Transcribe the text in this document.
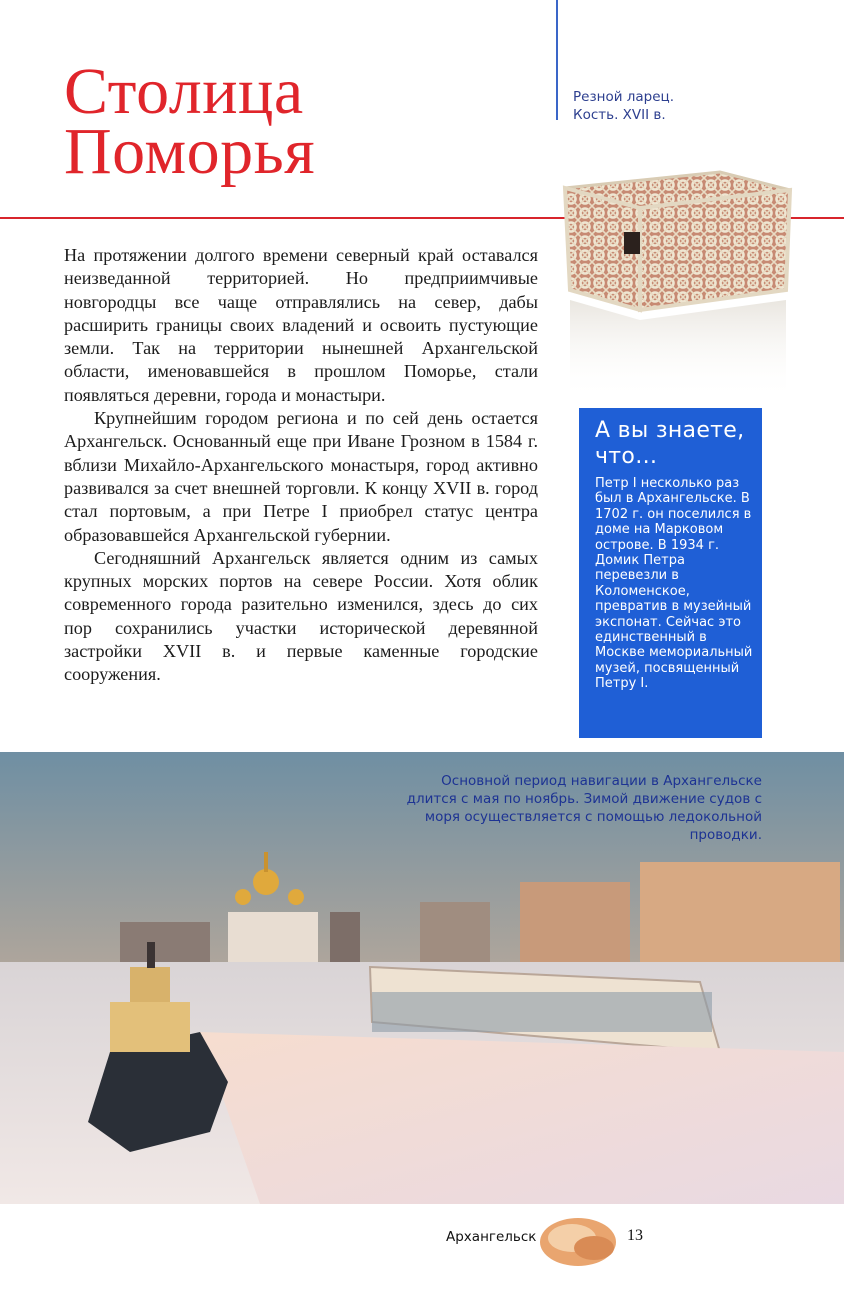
Столица
Поморья
Резной ларец.
Кость. XVII в.

На протяжении долгого времени северный край оставался неизведанной территорией. Но предприимчивые новгородцы все чаще отправлялись на север, дабы расширить границы своих владений и освоить пустующие земли. Так на территории нынешней Архангельской области, именовавшейся в прошлом Поморье, стали появляться деревни, города и монастыри.

Крупнейшим городом региона и по сей день остается Архангельск. Основанный еще при Иване Грозном в 1584 г. вблизи Михайло-Архангельского монастыря, город активно развивался за счет внешней торговли. К концу XVII в. город стал портовым, а при Петре I приобрел статус центра образовавшейся Архангельской губернии.

Сегодняшний Архангельск является одним из самых крупных морских портов на севере России. Хотя облик современного города разительно изменился, здесь до сих пор сохранились участки исторической деревянной застройки XVII в. и первые каменные городские сооружения.

А вы знаете,
что…
Петр I несколько раз был в Архангельске. В 1702 г. он поселился в доме на Марковом острове. В 1934 г. Домик Петра перевезли в Коломенское, превратив в музейный экспонат. Сейчас это единственный в Москве мемориальный музей, посвященный Петру I.
Основной период навигации в Архангельске длится с мая по ноябрь. Зимой движение судов с моря осуществляется с помощью ледокольной проводки.
Архангельск	13
